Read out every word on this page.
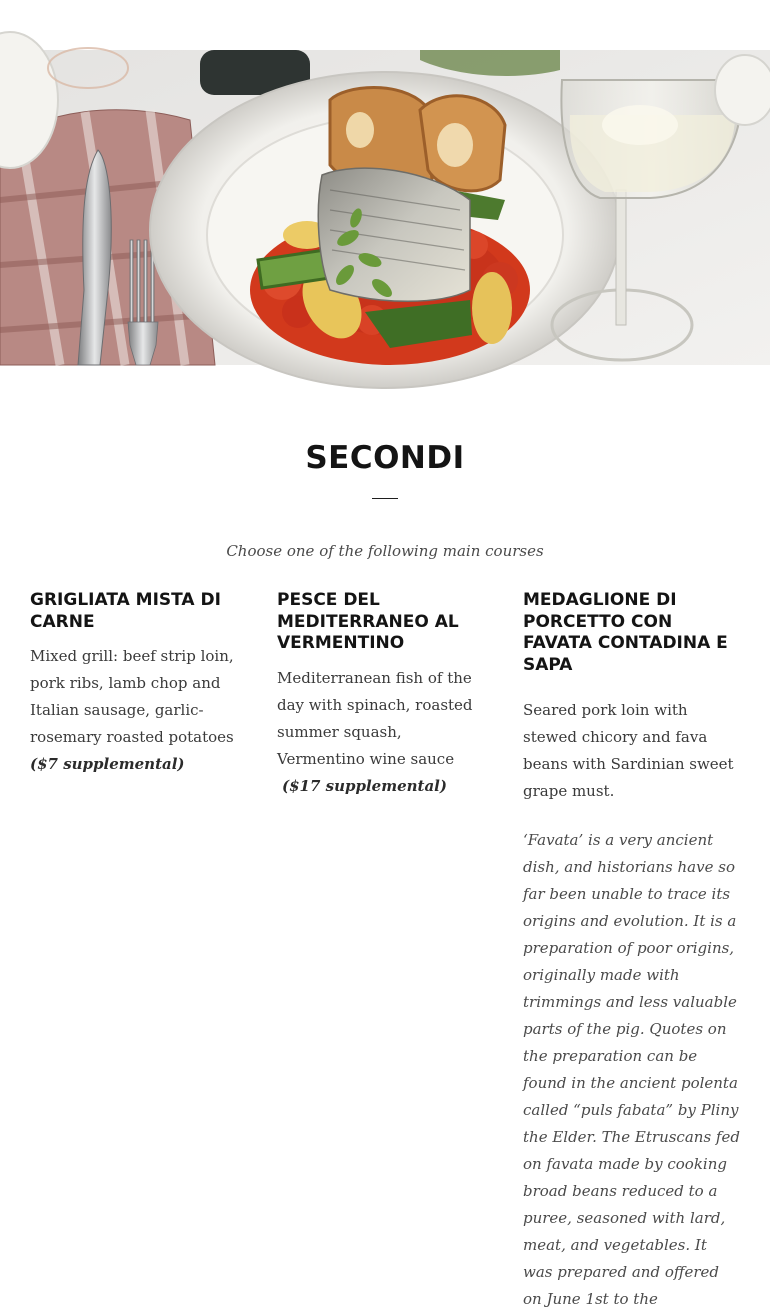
SECONDI

Choose one of the following main courses

GRIGLIATA MISTA DI CARNE

Mixed grill: beef strip loin, pork ribs, lamb chop and Italian sausage, garlic-rosemary roasted potatoes
($7 supplemental)

PESCE DEL MEDITERRANEO AL VERMENTINO

Mediterranean fish of the day with spinach, roasted summer squash, Vermentino wine sauce
($17 supplemental)

MEDAGLIONE DI PORCETTO CON FAVATA CONTADINA E SAPA

Seared pork loin with stewed chicory and fava beans with Sardinian sweet grape must.

‘Favata’ is a very ancient dish, and historians have so far been unable to trace its origins and evolution. It is a preparation of poor origins, originally made with trimmings and less valuable parts of the pig. Quotes on the preparation can be found in the ancient polenta called “puls fabata” by Pliny the Elder. The Etruscans fed on favata made by cooking broad beans reduced to a puree, seasoned with lard, meat, and vegetables. It was prepared and offered on June 1st to the
